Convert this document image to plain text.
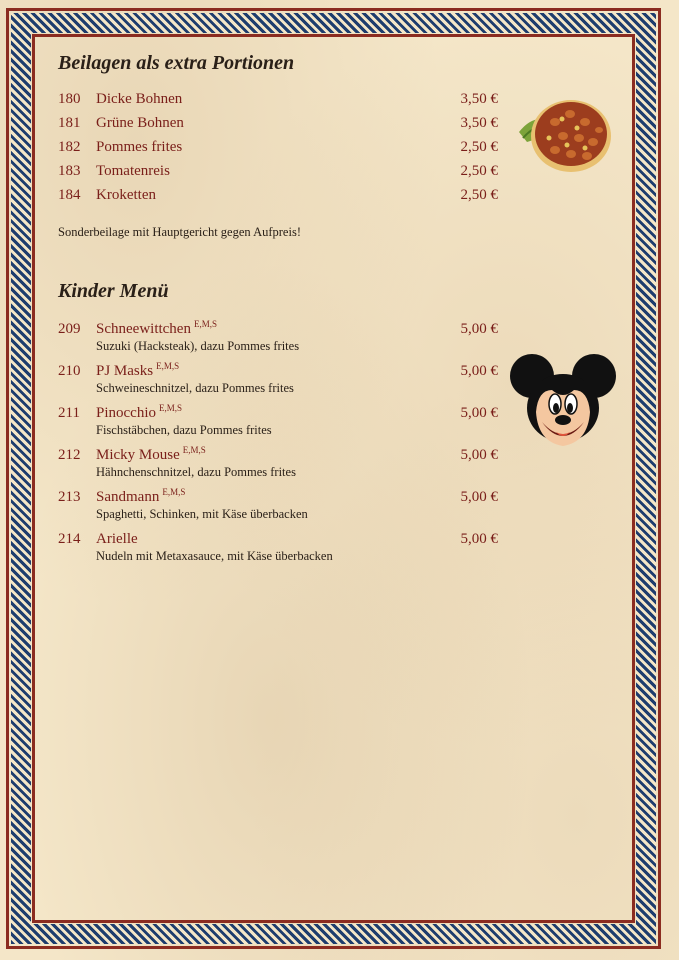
Beilagen als extra Portionen
180	Dicke Bohnen	3,50 €
181	Grüne Bohnen	3,50 €
182	Pommes frites	2,50 €
183	Tomatenreis	2,50 €
184	Kroketten	2,50 €
Sonderbeilage mit Hauptgericht gegen Aufpreis!
Kinder Menü
209	Schneewittchen $^{E,M,S}$	5,00 €
Suzuki (Hacksteak), dazu Pommes frites
210	PJ Masks $^{E,M,S}$	5,00 €
Schweineschnitzel, dazu Pommes frites
211	Pinocchio $^{E,M,S}$	5,00 €
Fischstäbchen, dazu Pommes frites
212	Micky Mouse $^{E,M,S}$	5,00 €
Hähnchenschnitzel, dazu Pommes frites
213	Sandmann $^{E,M,S}$	5,00 €
Spaghetti, Schinken, mit Käse überbacken
214	Arielle	5,00 €
Nudeln mit Metaxasauce, mit Käse überbacken
